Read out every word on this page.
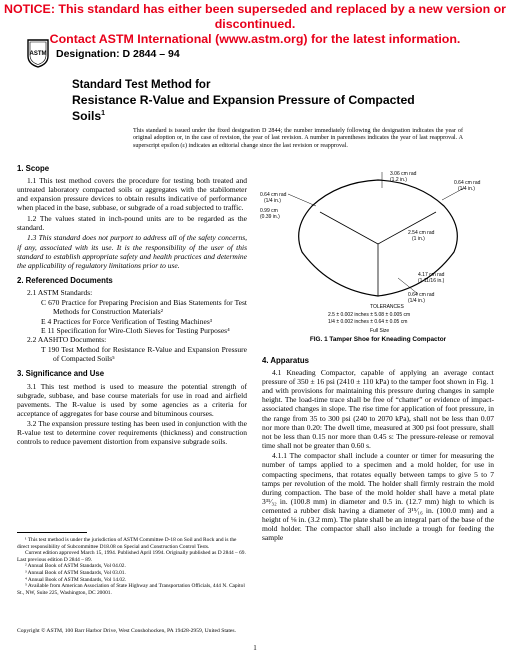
NOTICE: This standard has either been superseded and replaced by a new version or discontinued.
Contact ASTM International (www.astm.org) for the latest information.
ASTM Designation: D 2844 – 94
Standard Test Method for
Resistance R-Value and Expansion Pressure of Compacted
Soils$^1$
This standard is issued under the fixed designation D 2844; the number immediately following the designation indicates the year of original adoption or, in the case of revision, the year of last revision. A number in parentheses indicates the year of last reapproval. A superscript epsilon (ε) indicates an editorial change since the last revision or reapproval.
1. Scope

1.1 This test method covers the procedure for testing both treated and untreated laboratory compacted soils or aggregates with the stabilometer and expansion pressure devices to obtain results indicative of performance when placed in the base, subbase, or subgrade of a road subjected to traffic.

1.2 The values stated in inch-pound units are to be regarded as the standard.

1.3 This standard does not purport to address all of the safety concerns, if any, associated with its use. It is the responsibility of the user of this standard to establish appropriate safety and health practices and determine the applicability of regulatory limitations prior to use.

2. Referenced Documents

2.1 ASTM Standards:

C 670 Practice for Preparing Precision and Bias Statements for Test Methods for Construction Materials²

E 4 Practices for Force Verification of Testing Machines³

E 11 Specification for Wire-Cloth Sieves for Testing Purposes⁴

2.2 AASHTO Documents:

T 190 Test Method for Resistance R-Value and Expansion Pressure of Compacted Soils⁵

3. Significance and Use

3.1 This test method is used to measure the potential strength of subgrade, subbase, and base course materials for use in road and airfield pavements. The R-value is used by some agencies as a criteria for acceptance of aggregates for base course and bituminous courses.

3.2 The expansion pressure testing has been used in conjunction with the R-value test to determine cover requirements (thickness) and construction controls to reduce pavement distortion from expansive subgrade soils.

¹ This test method is under the jurisdiction of ASTM Committee D-18 on Soil and Rock and is the direct responsibility of Subcommittee D18.08 on Special and Construction Control Tests.

Current edition approved March 15, 1994. Published April 1994. Originally published as D 2844 – 69. Last previous edition D 2844 – 89.

² Annual Book of ASTM Standards, Vol 04.02.

³ Annual Book of ASTM Standards, Vol 03.01.

⁴ Annual Book of ASTM Standards, Vol 14.02.

⁵ Available from American Association of State Highway and Transportation Officials, 444 N. Capitol St., NW, Suite 225, Washington, DC 20001.

3.06 cm rad
(1.2 in.)
0.64 cm rad
(1/4 in.)
0.99 cm
(0.39 in.)
0.64 cm rad
(1/4 in.)
2.54 cm rad
(1 in.)
4.17 cm rad
(1 11/16 in.)
0.64 cm rad
(1/4 in.)
TOLERANCES
2.5 ± 0.002 inches ± 5.08 ± 0.005 cm
1/4 ± 0.002 inches ± 0.64 ± 0.05 cm
Full Size
FIG. 1 Tamper Shoe for Kneading Compactor
4. Apparatus

4.1 Kneading Compactor, capable of applying an average contact pressure of 350 ± 16 psi (2410 ± 110 kPa) to the tamper foot shown in Fig. 1 and with provisions for maintaining this pressure during changes in sample height. The load-time trace shall be free of “chatter” or evidence of impact-associated changes in slope. The rise time for application of foot pressure, in the range from 35 to 300 psi (240 to 2070 kPa), shall not be less than 0.07 nor more than 0.20: The dwell time, measured at 300 psi foot pressure, shall not be less than 0.15 nor more than 0.45 s: The pressure-release or removal time shall not be greater than 0.60 s.

4.1.1 The compactor shall include a counter or timer for measuring the number of tamps applied to a specimen and a mold holder, for use in compacting specimens, that rotates equally between tamps to give 5 to 7 tamps per revolution of the mold. The holder shall firmly restrain the mold during compaction. The base of the mold holder shall have a metal plate 3³¹⁄₃₂ in. (100.8 mm) in diameter and 0.5 in. (12.7 mm) high to which is cemented a rubber disk having a diameter of 3¹⁵⁄₁₆ in. (100.0 mm) and a height of ⅛ in. (3.2 mm). The plate shall be an integral part of the base of the mold holder. The compactor shall also include a trough for feeding the sample

Copyright © ASTM, 100 Barr Harbor Drive, West Conshohocken, PA 19428-2959, United States.
1
